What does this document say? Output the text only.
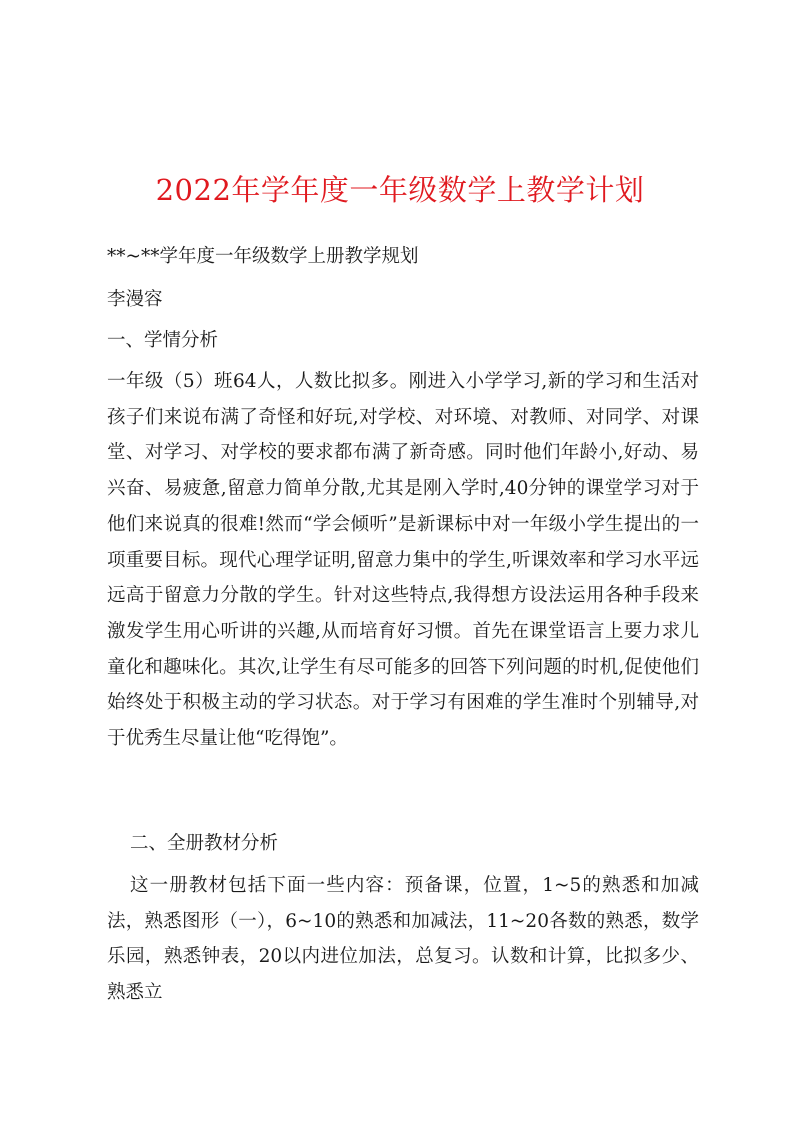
2022年学年度一年级数学上教学计划
**~**学年度一年级数学上册教学规划
李漫容
一、学情分析

一年级（5）班64人，人数比拟多。刚进入小学学习,新的学习和生活对孩子们来说布满了奇怪和好玩,对学校、对环境、对教师、对同学、对课堂、对学习、对学校的要求都布满了新奇感。同时他们年龄小,好动、易兴奋、易疲惫,留意力简单分散,尤其是刚入学时,40分钟的课堂学习对于他们来说真的很难!然而“学会倾听”是新课标中对一年级小学生提出的一项重要目标。现代心理学证明,留意力集中的学生,听课效率和学习水平远远高于留意力分散的学生。针对这些特点,我得想方设法运用各种手段来激发学生用心听讲的兴趣,从而培育好习惯。首先在课堂语言上要力求儿童化和趣味化。其次,让学生有尽可能多的回答下列问题的时机,促使他们始终处于积极主动的学习状态。对于学习有困难的学生准时个别辅导,对于优秀生尽量让他“吃得饱”。

二、全册教材分析

这一册教材包括下面一些内容：预备课，位置，1~5的熟悉和加减法，熟悉图形（一），6~10的熟悉和加减法，11~20各数的熟悉，数学乐园，熟悉钟表，20以内进位加法，总复习。认数和计算，比拟多少、熟悉立
